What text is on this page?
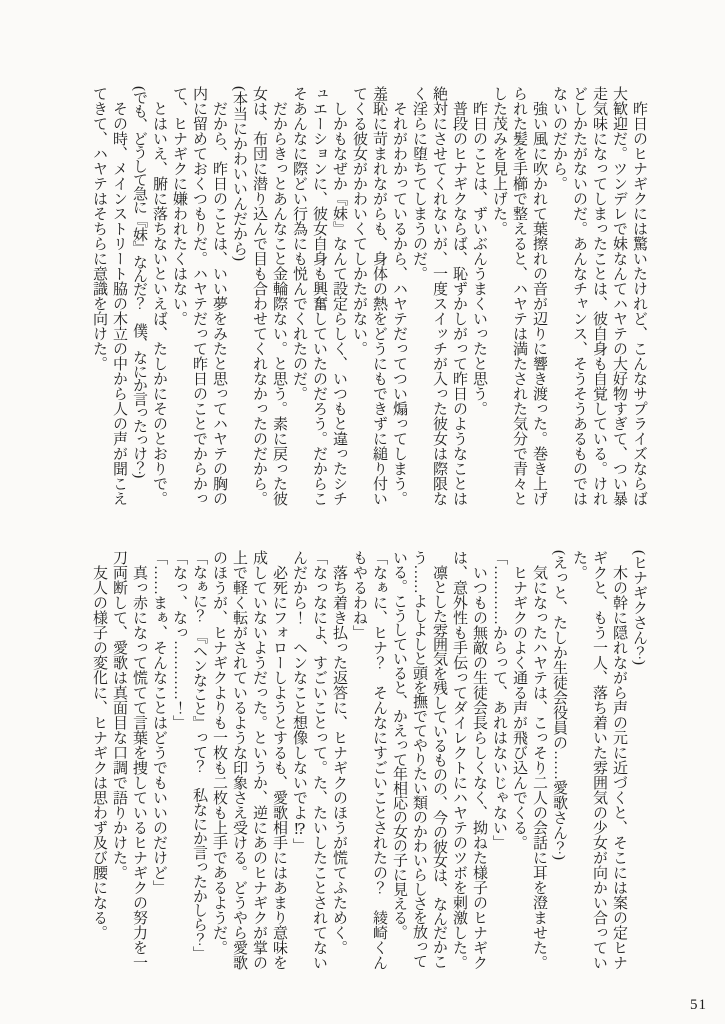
昨日のヒナギクには驚いたけれど、こんなサプライズならば大歓迎だ。ツンデレで妹なんてハヤテの大好物すぎて、つい暴走気味になってしまったことは、彼自身も自覚している。けれどしかたがないのだ。あんなチャンス、そうそうあるものではないのだから。

強い風に吹かれて葉擦れの音が辺りに響き渡った。巻き上げられた髪を手櫛で整えると、ハヤテは満たされた気分で青々とした茂みを見上げた。

昨日のことは、ずいぶんうまくいったと思う。

普段のヒナギクならば、恥ずかしがって昨日のようなことは絶対にさせてくれないが、一度スイッチが入った彼女は際限なく淫らに堕ちてしまうのだ。

それがわかっているから、ハヤテだってつい煽ってしまう。羞恥に苛まれながらも、身体の熱をどうにもできずに縋り付いてくる彼女がかわいくてしかたがない。

しかもなぜか『妹』なんて設定らしく、いつもと違ったシチュエーションに、彼女自身も興奮していたのだろう。だからこそあんなに際どい行為にも悦んでくれたのだ。

だからきっとあんなこと金輪際ない。と思う。素に戻った彼女は、布団に潜り込んで目も合わせてくれなかったのだから。

(本当にかわいいんだから)

だから、昨日のことは、いい夢をみたと思ってハヤテの胸の内に留めておくつもりだ。ハヤテだって昨日のことでからかって、ヒナギクに嫌われたくはない。

とはいえ、腑に落ちないといえば、たしかにそのとおりで。

(でも、どうして急に『妹』なんだ？　僕、なにか言ったっけ？)

その時、メインストリート脇の木立の中から人の声が聞こえてきて、ハヤテはそちらに意識を向けた。

(ヒナギクさん？)

木の幹に隠れながら声の元に近づくと、そこには案の定ヒナギクと、もう一人、落ち着いた雰囲気の少女が向かい合っていた。

(えっと、たしか生徒会役員の……愛歌さん？)

気になったハヤテは、こっそり二人の会話に耳を澄ませた。

ヒナギクのよく通る声が飛び込んでくる。

「…………からって、あれはないじゃない」

いつもの無敵の生徒会長らしくなく、拗ねた様子のヒナギクは、意外性も手伝ってダイレクトにハヤテのツボを刺激した。

凛とした雰囲気を残しているものの、今の彼女は、なんだかこう……よしよしと頭を撫でてやりたい類のかわいらしさを放っている。こうしていると、かえって年相応の女の子に見える。

「なぁに、ヒナ？　そんなにすごいことされたの？　綾崎くんもやるわね」

落ち着き払った返答に、ヒナギクのほうが慌てふためく。

「なっなによ、すごいことって。た、たいしたことされてないんだから！　ヘンなこと想像しないでよ⁉」

必死にフォローしようとするも、愛歌相手にはあまり意味を成していないようだった。というか、逆にあのヒナギクが掌の上で軽く転がされているような印象さえ受ける。どうやら愛歌のほうが、ヒナギクよりも一枚も二枚も上手であるようだ。

「なぁに？　『ヘンなこと』って？　私なにか言ったかしら？」

「なっ、なっ…………！」

「……まぁ、そんなことはどうでもいいのだけど」

真っ赤になって慌てて言葉を捜しているヒナギクの努力を一刀両断して、愛歌は真面目な口調で語りかけた。

友人の様子の変化に、ヒナギクは思わず及び腰になる。

51
